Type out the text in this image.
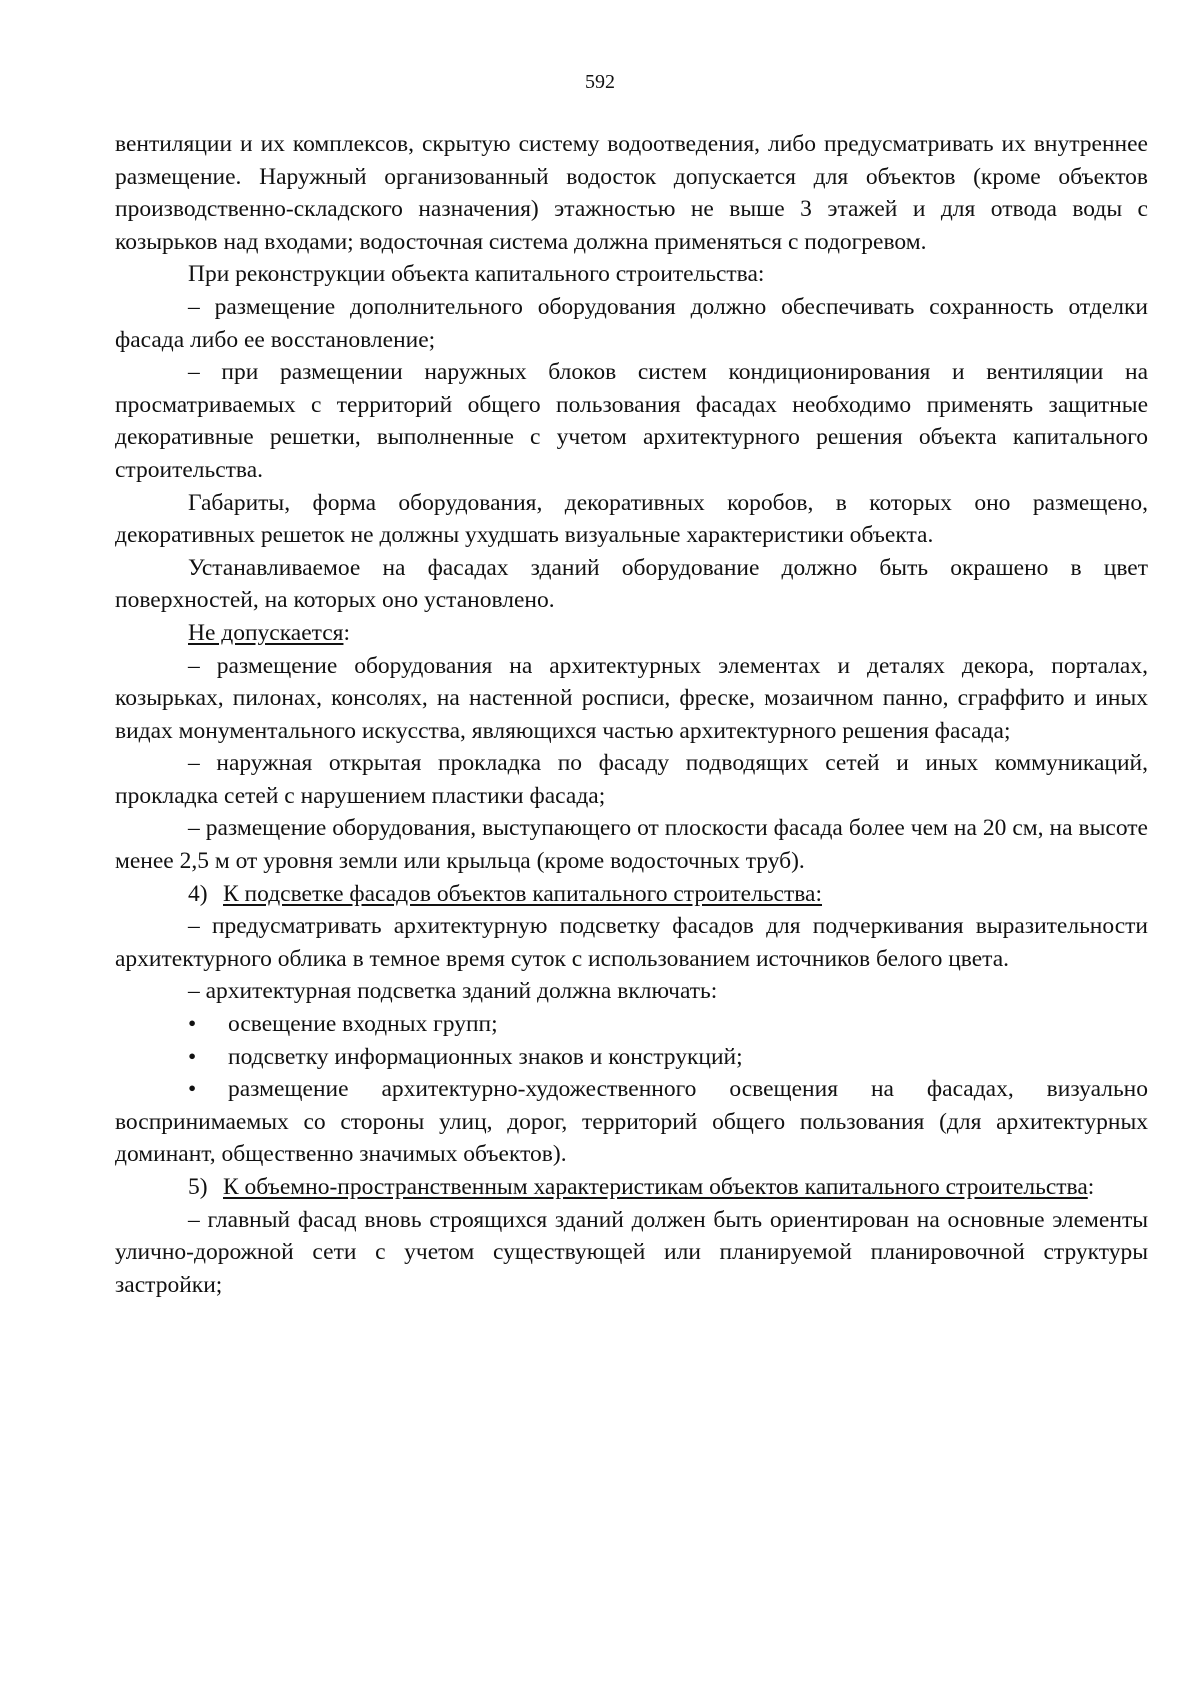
592

вентиляции и их комплексов, скрытую систему водоотведения, либо предусматривать их внутреннее размещение. Наружный организованный водосток допускается для объектов (кроме объектов производственно-складского назначения) этажностью не выше 3 этажей и для отвода воды с козырьков над входами; водосточная система должна применяться с подогревом.

При реконструкции объекта капитального строительства:

– размещение дополнительного оборудования должно обеспечивать сохранность отделки фасада либо ее восстановление;

– при размещении наружных блоков систем кондиционирования и вентиляции на просматриваемых с территорий общего пользования фасадах необходимо применять защитные декоративные решетки, выполненные с учетом архитектурного решения объекта капитального строительства.

Габариты, форма оборудования, декоративных коробов, в которых оно размещено, декоративных решеток не должны ухудшать визуальные характеристики объекта.

Устанавливаемое на фасадах зданий оборудование должно быть окрашено в цвет поверхностей, на которых оно установлено.

Не допускается:

– размещение оборудования на архитектурных элементах и деталях декора, порталах, козырьках, пилонах, консолях, на настенной росписи, фреске, мозаичном панно, сграффито и иных видах монументального искусства, являющихся частью архитектурного решения фасада;

– наружная открытая прокладка по фасаду подводящих сетей и иных коммуникаций, прокладка сетей с нарушением пластики фасада;

– размещение оборудования, выступающего от плоскости фасада более чем на 20 см, на высоте менее 2,5 м от уровня земли или крыльца (кроме водосточных труб).

4) К подсветке фасадов объектов капитального строительства:

– предусматривать архитектурную подсветку фасадов для подчеркивания выразительности архитектурного облика в темное время суток с использованием источников белого цвета.

– архитектурная подсветка зданий должна включать:

• освещение входных групп;

• подсветку информационных знаков и конструкций;

• размещение архитектурно-художественного освещения на фасадах, визуально воспринимаемых со стороны улиц, дорог, территорий общего пользования (для архитектурных доминант, общественно значимых объектов).

5) К объемно-пространственным характеристикам объектов капитального строительства:

– главный фасад вновь строящихся зданий должен быть ориентирован на основные элементы улично-дорожной сети с учетом существующей или планируемой планировочной структуры застройки;
